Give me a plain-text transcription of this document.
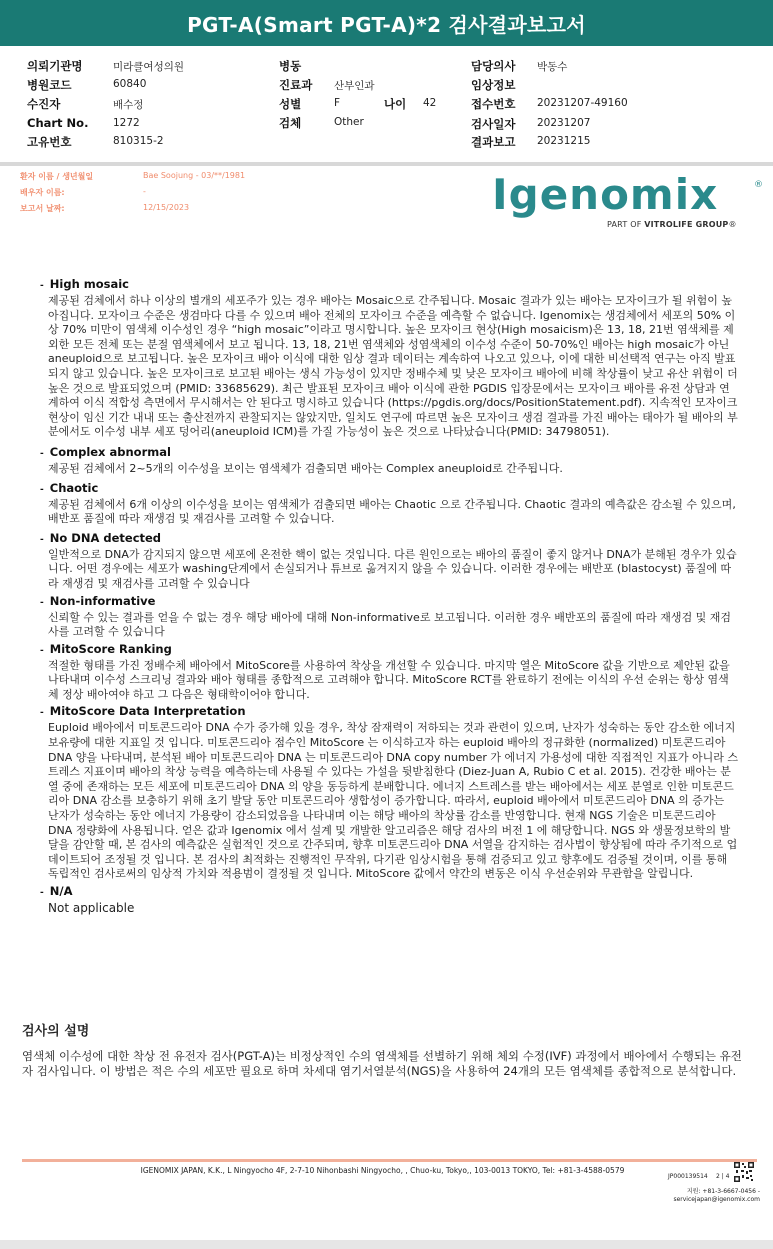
PGT-A(Smart PGT-A)*2 검사결과보고서
의뢰기관명	미라클여성의원
병원코드	60840
수진자	배수정
Chart No. 1272
고유번호	810315-2
병동
진료과 산부인과
성별	F	나이 42
검체	Other
담당의사 박동수
임상정보
접수번호 20231207-49160
검사일자 20231207
결과보고 20231215
환자 이름 / 생년월일	Bae Soojung - 03/**/1981
배우자 이름:	-
보고서 날짜:	12/15/2023	Igenomix	®
PART OF VITROLIFE GROUP®
- High mosaic

제공된 검체에서 하나 이상의 별개의 세포주가 있는 경우 배아는 Mosaic으로 간주됩니다. Mosaic 결과가 있는 배아는 모자이크가 될 위험이 높아집니다. 모자이크 수준은 생검마다 다를 수 있으며 배아 전체의 모자이크 수준을 예측할 수 없습니다. Igenomix는 생검체에서 세포의 50% 이상 70% 미만이 염색체 이수성인 경우 “high mosaic”이라고 명시합니다. 높은 모자이크 현상(High mosaicism)은 13, 18, 21번 염색체를 제외한 모든 전체 또는 분절 염색체에서 보고 됩니다. 13, 18, 21번 염색체와 성염색체의 이수성 수준이 50-70%인 배아는 high mosaic가 아닌 aneuploid으로 보고됩니다. 높은 모자이크 배아 이식에 대한 임상 결과 데이터는 계속하여 나오고 있으나, 이에 대한 비선택적 연구는 아직 발표되지 않고 있습니다. 높은 모자이크로 보고된 배아는 생식 가능성이 있지만 정배수체 및 낮은 모자이크 배아에 비해 착상률이 낮고 유산 위험이 더 높은 것으로 발표되었으며 (PMID: 33685629). 최근 발표된 모자이크 배아 이식에 관한 PGDIS 입장문에서는 모자이크 배아를 유전 상담과 연계하여 이식 적합성 측면에서 무시해서는 안 된다고 명시하고 있습니다 (https://pgdis.org/docs/PositionStatement.pdf). 지속적인 모자이크 현상이 임신 기간 내내 또는 출산전까지 관찰되지는 않았지만, 일치도 연구에 따르면 높은 모자이크 생검 결과를 가진 배아는 태아가 될 배아의 부분에서도 이수성 내부 세포 덩어리(aneuploid ICM)를 가질 가능성이 높은 것으로 나타났습니다(PMID: 34798051).

- Complex abnormal

제공된 검체에서 2~5개의 이수성을 보이는 염색체가 검출되면 배아는 Complex aneuploid로 간주됩니다.

- Chaotic

제공된 검체에서 6개 이상의 이수성을 보이는 염색체가 검출되면 배아는 Chaotic 으로 간주됩니다. Chaotic 결과의 예측값은 감소될 수 있으며, 배반포 품질에 따라 재생검 및 재검사를 고려할 수 있습니다.

- No DNA detected

일반적으로 DNA가 감지되지 않으면 세포에 온전한 핵이 없는 것입니다. 다른 원인으로는 배아의 품질이 좋지 않거나 DNA가 분해된 경우가 있습니다. 어떤 경우에는 세포가 washing단계에서 손실되거나 튜브로 옮겨지지 않을 수 있습니다. 이러한 경우에는 배반포 (blastocyst) 품질에 따라 재생검 및 재검사를 고려할 수 있습니다

- Non-informative

신뢰할 수 있는 결과를 얻을 수 없는 경우 해당 배아에 대해 Non-informative로 보고됩니다. 이러한 경우 배반포의 품질에 따라 재생검 및 재검사를 고려할 수 있습니다

- MitoScore Ranking

적절한 형태를 가진 정배수체 배아에서 MitoScore를 사용하여 착상을 개선할 수 있습니다. 마지막 열은 MitoScore 값을 기반으로 제안된 값을 나타내며 이수성 스크리닝 결과와 배아 형태를 종합적으로 고려해야 합니다. MitoScore RCT를 완료하기 전에는 이식의 우선 순위는 항상 염색체 정상 배아여야 하고 그 다음은 형태학이어야 합니다.

- MitoScore Data Interpretation

Euploid 배아에서 미토콘드리아 DNA 수가 증가해 있을 경우, 착상 잠재력이 저하되는 것과 관련이 있으며, 난자가 성숙하는 동안 감소한 에너지 보유량에 대한 지표일 것 입니다. 미토콘드리아 점수인 MitoScore 는 이식하고자 하는 euploid 배아의 정규화한 (normalized) 미토콘드리아 DNA 양을 나타내며, 분석된 배아 미토콘드리아 DNA 는 미토콘드리아 DNA copy number 가 에너지 가용성에 대한 직접적인 지표가 아니라 스트레스 지표이며 배아의 착상 능력을 예측하는데 사용될 수 있다는 가설을 뒷받침한다 (Diez-Juan A, Rubio C et al. 2015). 건강한 배아는 분열 중에 존재하는 모든 세포에 미토콘드리아 DNA 의 양을 동등하게 분배합니다. 에너지 스트레스를 받는 배아에서는 세포 분열로 인한 미토콘드리아 DNA 감소를 보충하기 위해 초기 발달 동안 미토콘드리아 생합성이 증가합니다. 따라서, euploid 배아에서 미토콘드리아 DNA 의 증가는 난자가 성숙하는 동안 에너지 가용량이 감소되었음을 나타내며 이는 해당 배아의 착상률 감소를 반영합니다. 현재 NGS 기술은 미토콘드리아 DNA 정량화에 사용됩니다. 얻은 값과 Igenomix 에서 설계 및 개발한 알고리즘은 해당 검사의 버전 1 에 해당합니다. NGS 와 생물정보학의 발달을 감안할 때, 본 검사의 예측값은 실험적인 것으로 간주되며, 향후 미토콘드리아 DNA 서열을 감지하는 검사법이 향상됨에 따라 주기적으로 업데이트되어 조정될 것 입니다. 본 검사의 최적화는 진행적인 무작위, 다기관 임상시험을 통해 검증되고 있고 향후에도 검증될 것이며, 이를 통해 독립적인 검사로써의 임상적 가치와 적용범이 결정될 것 입니다. MitoScore 값에서 약간의 변동은 이식 우선순위와 무관함을 알립니다.

- N/A

Not applicable

검사의 설명

염색체 이수성에 대한 착상 전 유전자 검사(PGT-A)는 비정상적인 수의 염색체를 선별하기 위해 체외 수정(IVF) 과정에서 배아에서 수행되는 유전자 검사입니다. 이 방법은 적은 수의 세포만 필요로 하며 차세대 염기서열분석(NGS)을 사용하여 24개의 모든 염색체를 종합적으로 분석합니다.

IGENOMIX JAPAN, K.K., L Ningyocho 4F, 2-7-10 Nihonbashi Ningyocho, , Chuo-ku, Tokyo,, 103-0013 TOKYO, Tel: +81-3-4588-0579
JP000139514 2 | 4
지원: +81-3-6667-0456 -
servicejapan@igenomix.com
